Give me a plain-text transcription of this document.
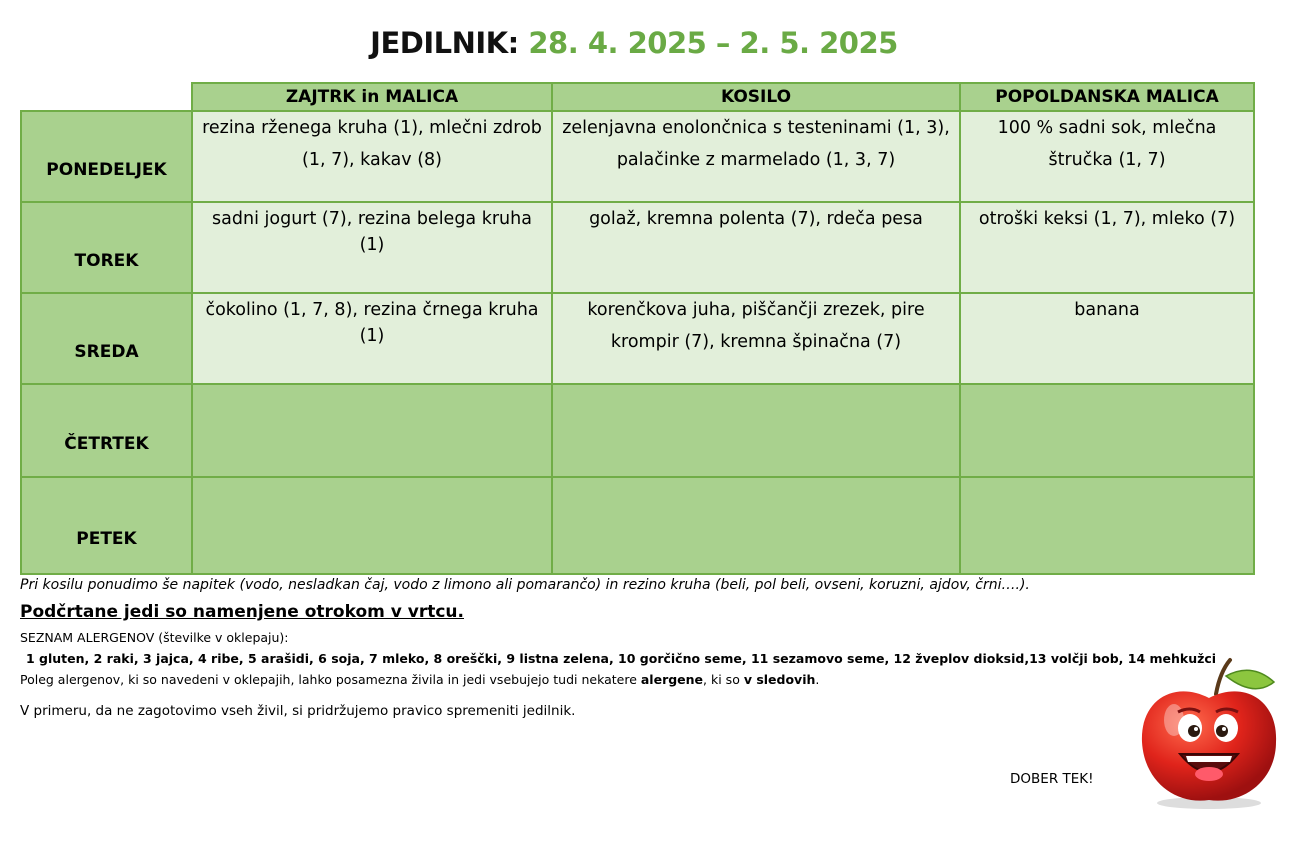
JEDILNIK: 28. 4. 2025 – 2. 5. 2025
	ZAJTRK in MALICA	KOSILO	POPOLDANSKA MALICA
PONEDELJEK	rezina rženega kruha (1), mlečni zdrob (1, 7), kakav (8)	zelenjavna enolončnica s testeninami (1, 3), palačinke z marmelado (1, 3, 7)	100 % sadni sok, mlečna štručka (1, 7)
TOREK	sadni jogurt (7), rezina belega kruha (1)	golaž, kremna polenta (7), rdeča pesa	otroški keksi (1, 7), mleko (7)
SREDA	čokolino (1, 7, 8), rezina črnega kruha (1)	korenčkova juha, piščančji zrezek, pire krompir (7), kremna špinačna (7)	banana
ČETRTEK			
PETEK			
Pri kosilu ponudimo še napitek (vodo, nesladkan čaj, vodo z limono ali pomarančo) in rezino kruha (beli, pol beli, ovseni, koruzni, ajdov, črni….).
Podčrtane jedi so namenjene otrokom v vrtcu.
SEZNAM ALERGENOV (številke v oklepaju):
1 gluten, 2 raki, 3 jajca, 4 ribe, 5 arašidi, 6 soja, 7 mleko, 8 oreščki, 9 listna zelena, 10 gorčično seme, 11 sezamovo seme, 12 žveplov dioksid,13 volčji bob, 14 mehkužci
Poleg alergenov, ki so navedeni v oklepajih, lahko posamezna živila in jedi vsebujejo tudi nekatere alergene, ki so v sledovih.
V primeru, da ne zagotovimo vseh živil, si pridržujemo pravico spremeniti jedilnik.
DOBER TEK!
